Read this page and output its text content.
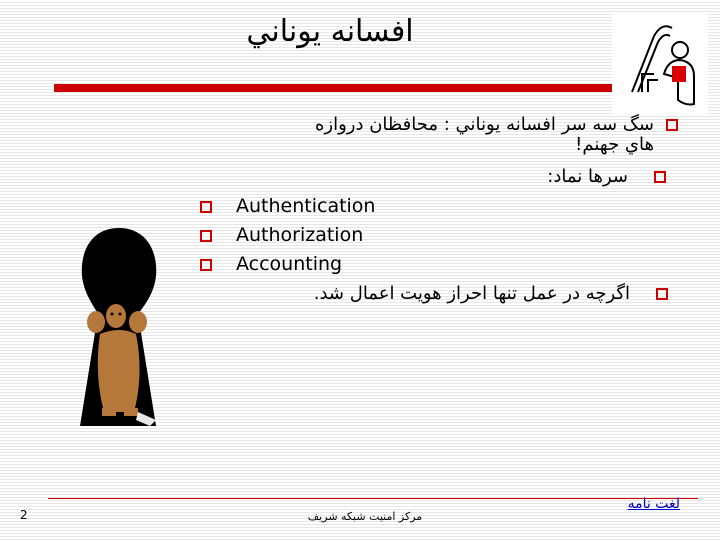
افسانه يوناني
سگ سه سر افسانه يوناني : محافظان دروازه
هاي جهنم!
سرها نماد:
Authentication
Authorization
Accounting
اگرچه در عمل تنها احراز هويت اعمال شد.
2	مرکز امنيت شبکه شريف
لغت نامه
